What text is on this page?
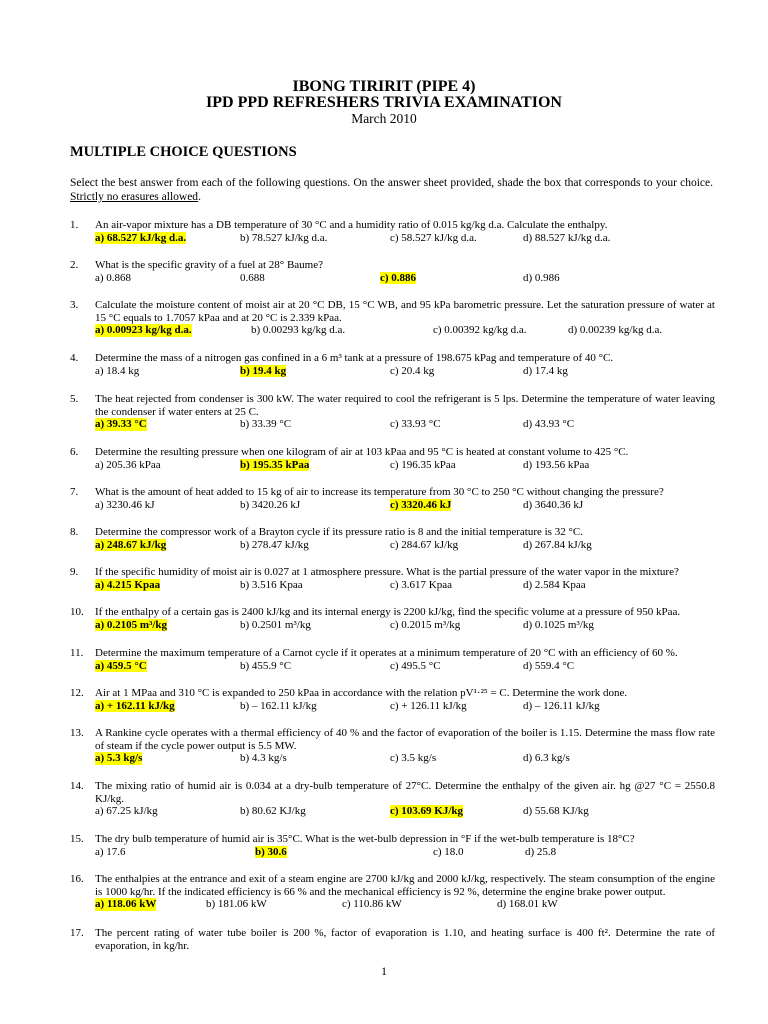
IBONG TIRIRIT (PIPE 4)
IPD PPD REFRESHERS TRIVIA EXAMINATION
March 2010
MULTIPLE CHOICE QUESTIONS
Select the best answer from each of the following questions. On the answer sheet provided, shade the box that corresponds to your choice. Strictly no erasures allowed.
1. An air-vapor mixture has a DB temperature of 30 °C and a humidity ratio of 0.015 kg/kg d.a. Calculate the enthalpy.
a) 68.527 kJ/kg d.a.	b) 78.527 kJ/kg d.a.	c) 58.527 kJ/kg d.a.	d) 88.527 kJ/kg d.a.
2. What is the specific gravity of a fuel at 28° Baume?
a) 0.868	0.688	c) 0.886	d) 0.986
3. Calculate the moisture content of moist air at 20 °C DB, 15 °C WB, and 95 kPa barometric pressure. Let the saturation pressure of water at 15 °C equals to 1.7057 kPaa and at 20 °C is 2.339 kPaa.
a) 0.00923 kg/kg d.a.	b) 0.00293 kg/kg d.a.	c) 0.00392 kg/kg d.a.	d) 0.00239 kg/kg d.a.
4. Determine the mass of a nitrogen gas confined in a 6 m³ tank at a pressure of 198.675 kPag and temperature of 40 °C.
a) 18.4 kg	b) 19.4 kg	c) 20.4 kg	d) 17.4 kg
5. The heat rejected from condenser is 300 kW. The water required to cool the refrigerant is 5 lps. Determine the temperature of water leaving the condenser if water enters at 25 C.
a) 39.33 °C	b) 33.39 °C	c) 33.93 °C	d) 43.93 °C
6. Determine the resulting pressure when one kilogram of air at 103 kPaa and 95 °C is heated at constant volume to 425 °C.
a) 205.36 kPaa	b) 195.35 kPaa	c) 196.35 kPaa	d) 193.56 kPaa
7. What is the amount of heat added to 15 kg of air to increase its temperature from 30 °C to 250 °C without changing the pressure?
a) 3230.46 kJ	b) 3420.26 kJ	c) 3320.46 kJ	d) 3640.36 kJ
8. Determine the compressor work of a Brayton cycle if its pressure ratio is 8 and the initial temperature is 32 °C.
a) 248.67 kJ/kg	b) 278.47 kJ/kg	c) 284.67 kJ/kg	d) 267.84 kJ/kg
9. If the specific humidity of moist air is 0.027 at 1 atmosphere pressure. What is the partial pressure of the water vapor in the mixture?
a) 4.215 Kpaa	b) 3.516 Kpaa	c) 3.617 Kpaa	d) 2.584 Kpaa
10. If the enthalpy of a certain gas is 2400 kJ/kg and its internal energy is 2200 kJ/kg, find the specific volume at a pressure of 950 kPaa.
a) 0.2105 m³/kg	b) 0.2501 m³/kg	c) 0.2015 m³/kg	d) 0.1025 m³/kg
11. Determine the maximum temperature of a Carnot cycle if it operates at a minimum temperature of 20 °C with an efficiency of 60 %.
a) 459.5 °C	b) 455.9 °C	c) 495.5 °C	d) 559.4 °C
12. Air at 1 MPaa and 310 °C is expanded to 250 kPaa in accordance with the relation pV¹·²⁵ = C. Determine the work done.
a) + 162.11 kJ/kg	b) – 162.11 kJ/kg	c) + 126.11 kJ/kg	d) – 126.11 kJ/kg
13. A Rankine cycle operates with a thermal efficiency of 40 % and the factor of evaporation of the boiler is 1.15. Determine the mass flow rate of steam if the cycle power output is 5.5 MW.
a) 5.3 kg/s	b) 4.3 kg/s	c) 3.5 kg/s	d) 6.3 kg/s
14. The mixing ratio of humid air is 0.034 at a dry-bulb temperature of 27°C. Determine the enthalpy of the given air. hg @27 °C = 2550.8 KJ/kg.
a) 67.25 kJ/kg	b) 80.62 KJ/kg	c) 103.69 KJ/kg	d) 55.68 KJ/kg
15. The dry bulb temperature of humid air is 35°C. What is the wet-bulb depression in °F if the wet-bulb temperature is 18°C?
a) 17.6	b) 30.6	c) 18.0	d) 25.8
16. The enthalpies at the entrance and exit of a steam engine are 2700 kJ/kg and 2000 kJ/kg, respectively. The steam consumption of the engine is 1000 kg/hr. If the indicated efficiency is 66 % and the mechanical efficiency is 92 %, determine the engine brake power output.
a) 118.06 kW	b) 181.06 kW	c) 110.86 kW	d) 168.01 kW
17. The percent rating of water tube boiler is 200 %, factor of evaporation is 1.10, and heating surface is 400 ft². Determine the rate of evaporation, in kg/hr.
1
